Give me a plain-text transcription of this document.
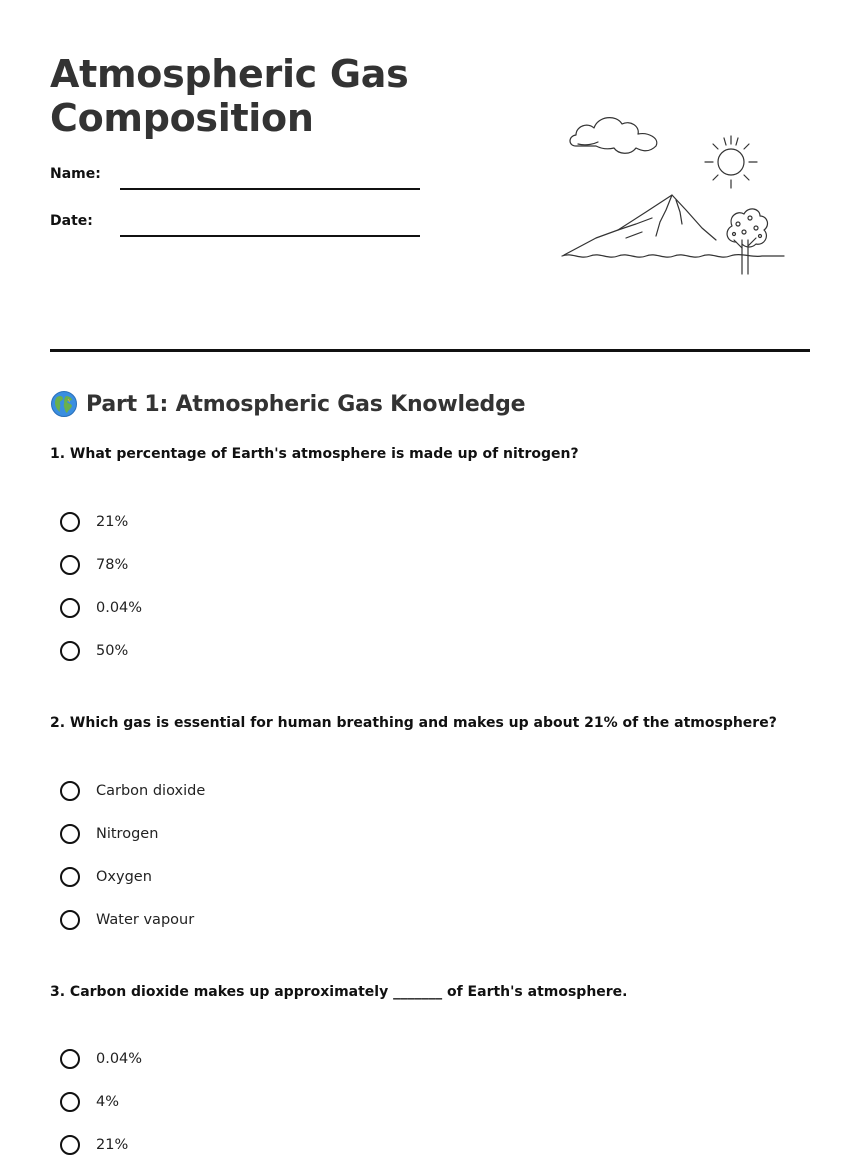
Atmospheric Gas
Composition
Name:
Date:
Part 1: Atmospheric Gas Knowledge
1. What percentage of Earth's atmosphere is made up of nitrogen?
21%
78%
0.04%
50%
2. Which gas is essential for human breathing and makes up about 21% of the atmosphere?
Carbon dioxide
Nitrogen
Oxygen
Water vapour
3. Carbon dioxide makes up approximately _______ of Earth's atmosphere.
0.04%
4%
21%
